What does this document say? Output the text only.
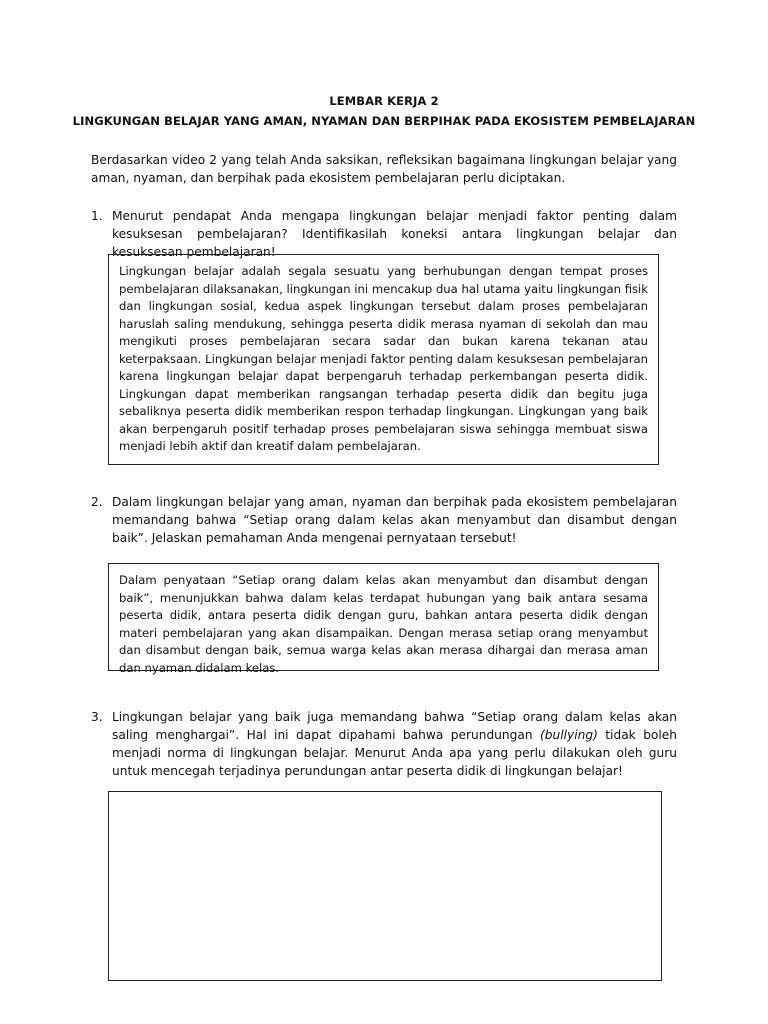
LEMBAR KERJA 2
LINGKUNGAN BELAJAR YANG AMAN, NYAMAN DAN BERPIHAK PADA EKOSISTEM PEMBELAJARAN
Berdasarkan video 2 yang telah Anda saksikan, refleksikan bagaimana lingkungan belajar yang aman, nyaman, dan berpihak pada ekosistem pembelajaran perlu diciptakan.
1. Menurut pendapat Anda mengapa lingkungan belajar menjadi faktor penting dalam kesuksesan pembelajaran? Identifikasilah koneksi antara lingkungan belajar dan kesuksesan pembelajaran!
Lingkungan belajar adalah segala sesuatu yang berhubungan dengan tempat proses pembelajaran dilaksanakan, lingkungan ini mencakup dua hal utama yaitu lingkungan fisik dan lingkungan sosial, kedua aspek lingkungan tersebut dalam proses pembelajaran haruslah saling mendukung, sehingga peserta didik merasa nyaman di sekolah dan mau mengikuti proses pembelajaran secara sadar dan bukan karena tekanan atau keterpaksaan. Lingkungan belajar menjadi faktor penting dalam kesuksesan pembelajaran karena lingkungan belajar dapat berpengaruh terhadap perkembangan peserta didik. Lingkungan dapat memberikan rangsangan terhadap peserta didik dan begitu juga sebaliknya peserta didik memberikan respon terhadap lingkungan. Lingkungan yang baik akan berpengaruh positif terhadap proses pembelajaran siswa sehingga membuat siswa menjadi lebih aktif dan kreatif dalam pembelajaran.
2. Dalam lingkungan belajar yang aman, nyaman dan berpihak pada ekosistem pembelajaran memandang bahwa “Setiap orang dalam kelas akan menyambut dan disambut dengan baik”. Jelaskan pemahaman Anda mengenai pernyataan tersebut!
Dalam penyataan “Setiap orang dalam kelas akan menyambut dan disambut dengan baik”, menunjukkan bahwa dalam kelas terdapat hubungan yang baik antara sesama peserta didik, antara peserta didik dengan guru, bahkan antara peserta didik dengan materi pembelajaran yang akan disampaikan. Dengan merasa setiap orang menyambut dan disambut dengan baik, semua warga kelas akan merasa dihargai dan merasa aman dan nyaman didalam kelas.
3. Lingkungan belajar yang baik juga memandang bahwa “Setiap orang dalam kelas akan saling menghargai”. Hal ini dapat dipahami bahwa perundungan (bullying) tidak boleh menjadi norma di lingkungan belajar. Menurut Anda apa yang perlu dilakukan oleh guru untuk mencegah terjadinya perundungan antar peserta didik di lingkungan belajar!
